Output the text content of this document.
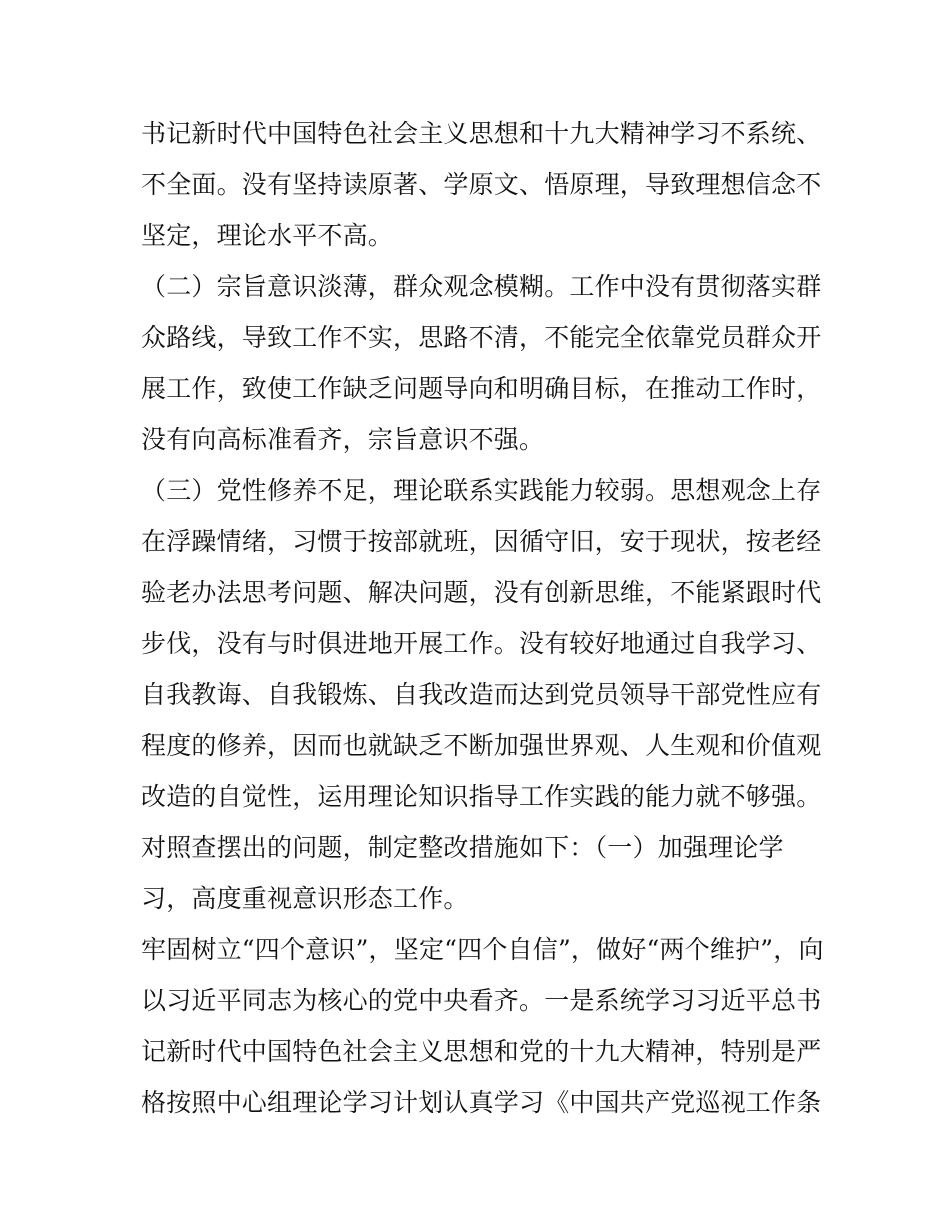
书记新时代中国特色社会主义思想和十九大精神学习不系统、
不全面。没有坚持读原著、学原文、悟原理，导致理想信念不
坚定，理论水平不高。
（二）宗旨意识淡薄，群众观念模糊。工作中没有贯彻落实群
众路线，导致工作不实，思路不清，不能完全依靠党员群众开
展工作，致使工作缺乏问题导向和明确目标，在推动工作时，
没有向高标准看齐，宗旨意识不强。
（三）党性修养不足，理论联系实践能力较弱。思想观念上存
在浮躁情绪，习惯于按部就班，因循守旧，安于现状，按老经
验老办法思考问题、解决问题，没有创新思维，不能紧跟时代
步伐，没有与时俱进地开展工作。没有较好地通过自我学习、
自我教诲、自我锻炼、自我改造而达到党员领导干部党性应有
程度的修养，因而也就缺乏不断加强世界观、人生观和价值观
改造的自觉性，运用理论知识指导工作实践的能力就不够强。
对照查摆出的问题，制定整改措施如下：（一）加强理论学
习，高度重视意识形态工作。
牢固树立“四个意识”，坚定“四个自信”，做好“两个维护”，向
以习近平同志为核心的党中央看齐。一是系统学习习近平总书
记新时代中国特色社会主义思想和党的十九大精神，特别是严
格按照中心组理论学习计划认真学习《中国共产党巡视工作条
